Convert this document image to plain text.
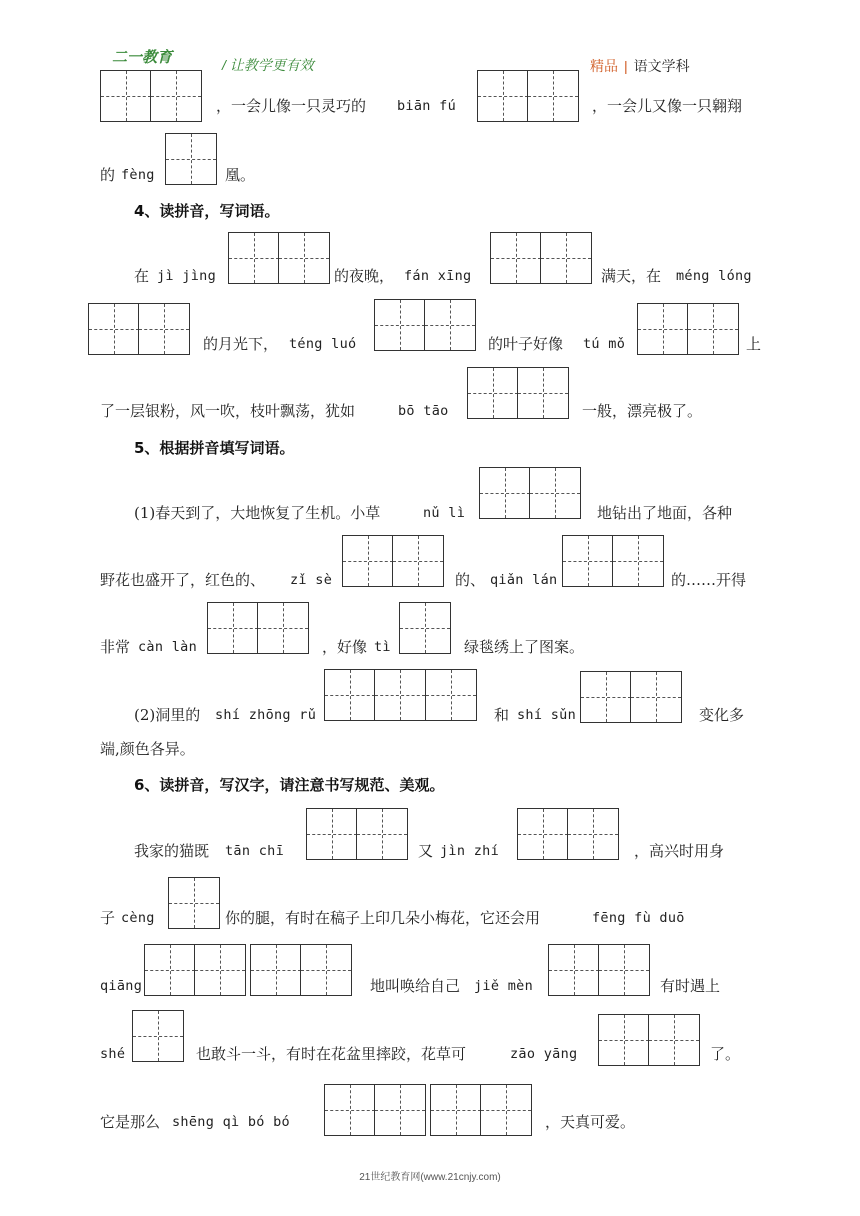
二一教育	/ 让教学更有效	精品 | 语文学科
，一会儿像一只灵巧的 biān fú	，一会儿又像一只翱翔
的 fèng	凰。
4、读拼音，写词语。
在 jì jìng	的夜晚， fán xīng	满天，在 méng lóng
的月光下， téng luó	的叶子好像 tú mǒ	上
了一层银粉，风一吹，枝叶飘荡，犹如	bō tāo	一般，漂亮极了。
5、根据拼音填写词语。
(1)春天到了，大地恢复了生机。小草	nǔ lì	地钻出了地面，各种
野花也盛开了，红色的、 zǐ sè	的、 qiǎn lán	的……开得
非常 càn làn	，好像 tì	绿毯绣上了图案。
(2)洞里的 shí zhōng rǔ	和 shí sǔn	变化多
端,颜色各异。
6、读拼音，写汉字，请注意书写规范、美观。
我家的猫既 tān chī	又 jìn zhí	，高兴时用身
子 cèng	你的腿，有时在稿子上印几朵小梅花，它还会用	fēng fù duō
qiāng	地叫唤给自己 jiě mèn	有时遇上
shé	也敢斗一斗，有时在花盆里摔跤，花草可	zāo yāng	了。
它是那么 shēng qì bó bó	，天真可爱。
21世纪教育网(www.21cnjy.com)
